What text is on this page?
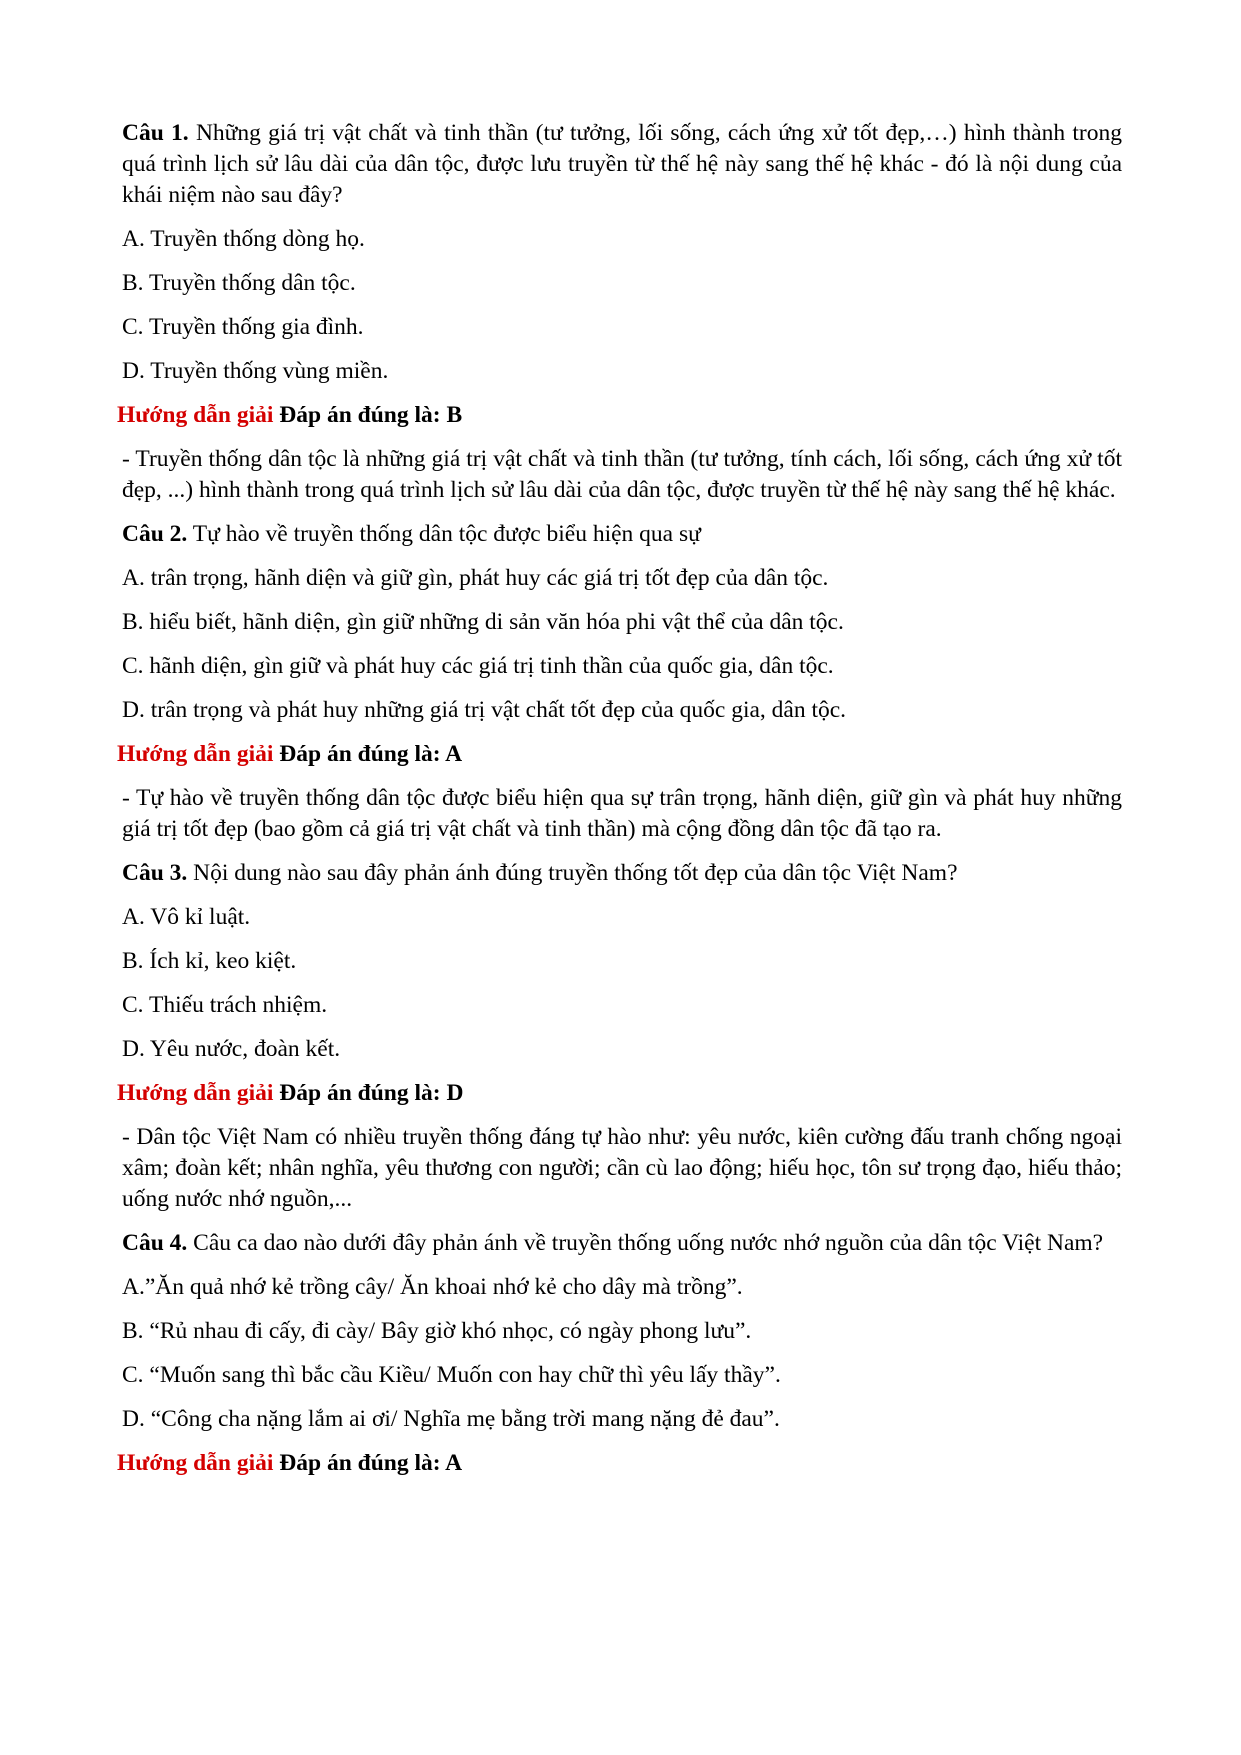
Câu 1. Những giá trị vật chất và tinh thần (tư tưởng, lối sống, cách ứng xử tốt đẹp,…) hình thành trong quá trình lịch sử lâu dài của dân tộc, được lưu truyền từ thế hệ này sang thế hệ khác - đó là nội dung của khái niệm nào sau đây?

A. Truyền thống dòng họ.

B. Truyền thống dân tộc.

C. Truyền thống gia đình.

D. Truyền thống vùng miền.

Hướng dẫn giải Đáp án đúng là: B

- Truyền thống dân tộc là những giá trị vật chất và tinh thần (tư tưởng, tính cách, lối sống, cách ứng xử tốt đẹp, ...) hình thành trong quá trình lịch sử lâu dài của dân tộc, được truyền từ thế hệ này sang thế hệ khác.

Câu 2. Tự hào về truyền thống dân tộc được biểu hiện qua sự

A. trân trọng, hãnh diện và giữ gìn, phát huy các giá trị tốt đẹp của dân tộc.

B. hiểu biết, hãnh diện, gìn giữ những di sản văn hóa phi vật thể của dân tộc.

C. hãnh diện, gìn giữ và phát huy các giá trị tinh thần của quốc gia, dân tộc.

D. trân trọng và phát huy những giá trị vật chất tốt đẹp của quốc gia, dân tộc.

Hướng dẫn giải Đáp án đúng là: A

- Tự hào về truyền thống dân tộc được biểu hiện qua sự trân trọng, hãnh diện, giữ gìn và phát huy những giá trị tốt đẹp (bao gồm cả giá trị vật chất và tinh thần) mà cộng đồng dân tộc đã tạo ra.

Câu 3. Nội dung nào sau đây phản ánh đúng truyền thống tốt đẹp của dân tộc Việt Nam?

A. Vô kỉ luật.

B. Ích kỉ, keo kiệt.

C. Thiếu trách nhiệm.

D. Yêu nước, đoàn kết.

Hướng dẫn giải Đáp án đúng là: D

- Dân tộc Việt Nam có nhiều truyền thống đáng tự hào như: yêu nước, kiên cường đấu tranh chống ngoại xâm; đoàn kết; nhân nghĩa, yêu thương con người; cần cù lao động; hiếu học, tôn sư trọng đạo, hiếu thảo; uống nước nhớ nguồn,...

Câu 4. Câu ca dao nào dưới đây phản ánh về truyền thống uống nước nhớ nguồn của dân tộc Việt Nam?

A.”Ăn quả nhớ kẻ trồng cây/ Ăn khoai nhớ kẻ cho dây mà trồng”.

B. “Rủ nhau đi cấy, đi cày/ Bây giờ khó nhọc, có ngày phong lưu”.

C. “Muốn sang thì bắc cầu Kiều/ Muốn con hay chữ thì yêu lấy thầy”.

D. “Công cha nặng lắm ai ơi/ Nghĩa mẹ bằng trời mang nặng đẻ đau”.

Hướng dẫn giải Đáp án đúng là: A
